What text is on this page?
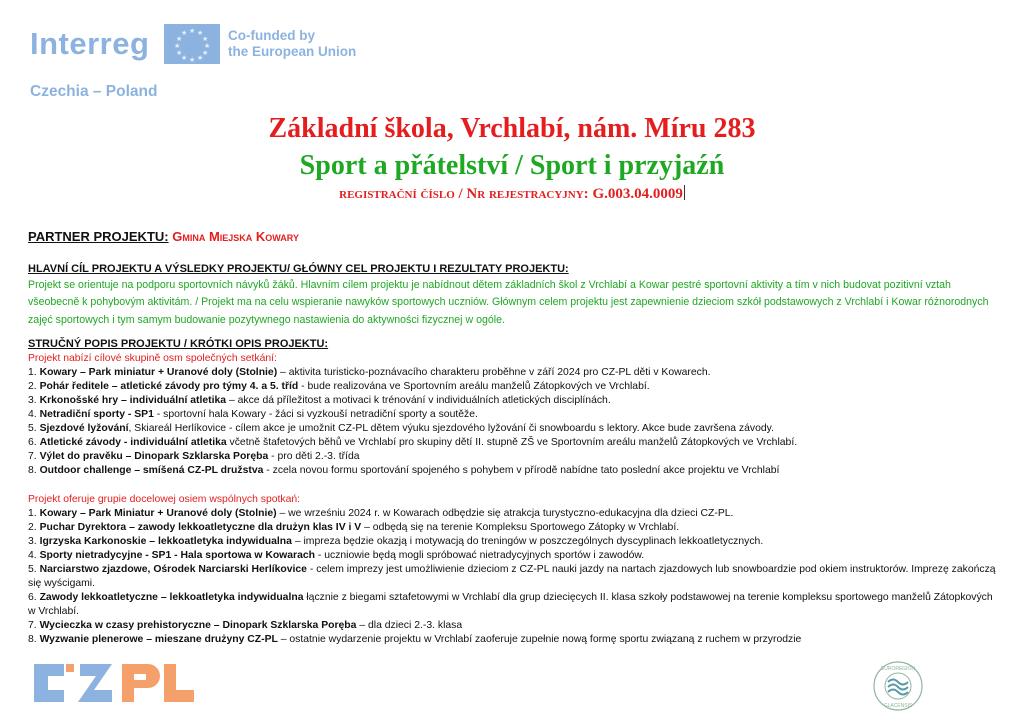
Interreg	★ ★
★
★
★
★
★
★
★
★
★
★	Co-funded by
the European Union
Czechia – Poland
Základní škola, Vrchlabí, nám. Míru 283
Sport a přátelství / Sport i przyjaźń
registrační číslo / Nr rejestracyjny: G.003.04.0009
PARTNER PROJEKTU: Gmina Miejska Kowary
HLAVNÍ CÍL PROJEKTU A VÝSLEDKY PROJEKTU/ GŁÓWNY CEL PROJEKTU I REZULTATY PROJEKTU:
Projekt se orientuje na podporu sportovních návyků žáků. Hlavním cílem projektu je nabídnout dětem základních škol z Vrchlabí a Kowar pestré sportovní aktivity a tím v nich budovat pozitivní vztah všeobecně k pohybovým aktivitám. / Projekt ma na celu wspieranie nawyków sportowych uczniów. Głównym celem projektu jest zapewnienie dzieciom szkół podstawowych z Vrchlabí i Kowar różnorodnych zajęć sportowych i tym samym budowanie pozytywnego nastawienia do aktywności fizycznej w ogóle.
STRUČNÝ POPIS PROJEKTU / KRÓTKI OPIS PROJEKTU:
Projekt nabízí cílové skupině osm společných setkání:
1. Kowary – Park miniatur + Uranové doly (Stolnie) – aktivita turisticko-poznávacího charakteru proběhne v září 2024 pro CZ-PL děti v Kowarech.
2. Pohár ředitele – atletické závody pro týmy 4. a 5. tříd - bude realizována ve Sportovním areálu manželů Zátopkových ve Vrchlabí.
3. Krkonošské hry – individuální atletika – akce dá příležitost a motivaci k trénování v individuálních atletických disciplínách.
4. Netradiční sporty - SP1 - sportovní hala Kowary - žáci si vyzkouší netradiční sporty a soutěže.
5. Sjezdové lyžování, Skiareál Herlíkovice - cílem akce je umožnit CZ-PL dětem výuku sjezdového lyžování či snowboardu s lektory. Akce bude završena závody.
6. Atletické závody - individuální atletika včetně štafetových běhů ve Vrchlabí pro skupiny dětí II. stupně ZŠ ve Sportovním areálu manželů Zátopkových ve Vrchlabí.
7. Výlet do pravěku – Dinopark Szklarska Poręba - pro děti 2.-3. třída
8. Outdoor challenge – smíšená CZ-PL družstva - zcela novou formu sportování spojeného s pohybem v přírodě nabídne tato poslední akce projektu ve Vrchlabí
Projekt oferuje grupie docelowej osiem wspólnych spotkań:
1. Kowary – Park Miniatur + Uranové doly (Stolnie) – we wrześniu 2024 r. w Kowarach odbędzie się atrakcja turystyczno-edukacyjna dla dzieci CZ-PL.
2. Puchar Dyrektora – zawody lekkoatletyczne dla drużyn klas IV i V – odbędą się na terenie Kompleksu Sportowego Zátopky w Vrchlabí.
3. Igrzyska Karkonoskie – lekkoatletyka indywidualna – impreza będzie okazją i motywacją do treningów w poszczególnych dyscyplinach lekkoatletycznych.
4. Sporty nietradycyjne - SP1 - Hala sportowa w Kowarach - uczniowie będą mogli spróbować nietradycyjnych sportów i zawodów.
5. Narciarstwo zjazdowe, Ośrodek Narciarski Herlíkovice - celem imprezy jest umożliwienie dzieciom z CZ-PL nauki jazdy na nartach zjazdowych lub snowboardzie pod okiem instruktorów. Imprezę zakończą się wyścigami.
6. Zawody lekkoatletyczne – lekkoatletyka indywidualna łącznie z biegami sztafetowymi w Vrchlabí dla grup dziecięcych II. klasa szkoły podstawowej na terenie kompleksu sportowego manželů Zátopkových w Vrchlabí.
7. Wycieczka w czasy prehistoryczne – Dinopark Szklarska Poręba – dla dzieci 2.-3. klasa
8. Wyzwanie plenerowe – mieszane drużyny CZ-PL – ostatnie wydarzenie projektu w Vrchlabí zaoferuje zupełnie nową formę sportu związaną z ruchem w przyrodzie
EUROREGION
GLACENSIS
